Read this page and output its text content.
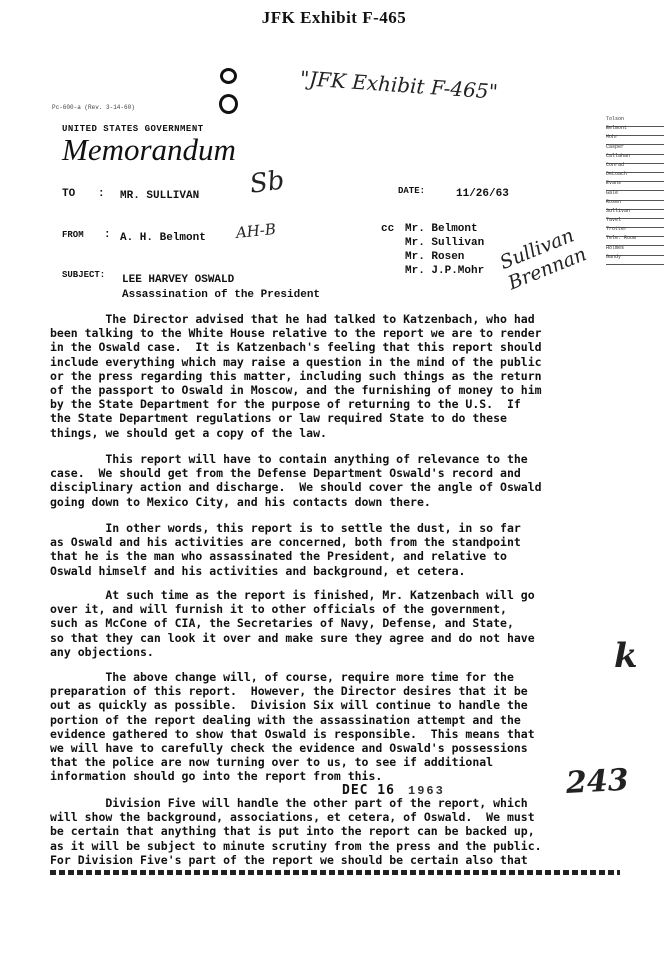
JFK Exhibit F-465
"JFK Exhibit F-465"
Pc-600-a (Rev. 3-14-60)
UNITED STATES GOVERNMENT
Memorandum
Tolson
Belmont
Mohr
Casper
Callahan
Conrad
DeLoach
Evans
Gale
Rosen
Sullivan
Tavel
Trotter
Tele. Room
Holmes
Gandy
TO : MR. SULLIVAN Sb	DATE:	11/26/63
FROM : A. H. Belmont AH-B	cc Mr. Belmont
Mr. Sullivan
Mr. Rosen
Mr. J.P.Mohr Sullivan Brennan
SUBJECT: LEE HARVEY OSWALD
Assassination of the President
The Director advised that he had talked to Katzenbach, who had
been talking to the White House relative to the report we are to render
in the Oswald case.  It is Katzenbach's feeling that this report should
include everything which may raise a question in the mind of the public
or the press regarding this matter, including such things as the return
of the passport to Oswald in Moscow, and the furnishing of money to him
by the State Department for the purpose of returning to the U.S.  If
the State Department regulations or law required State to do these
things, we should get a copy of the law.
This report will have to contain anything of relevance to the
case.  We should get from the Defense Department Oswald's record and
disciplinary action and discharge.  We should cover the angle of Oswald
going down to Mexico City, and his contacts down there.
In other words, this report is to settle the dust, in so far
as Oswald and his activities are concerned, both from the standpoint
that he is the man who assassinated the President, and relative to
Oswald himself and his activities and background, et cetera.
At such time as the report is finished, Mr. Katzenbach will go
over it, and will furnish it to other officials of the government,
such as McCone of CIA, the Secretaries of Navy, Defense, and State,
so that they can look it over and make sure they agree and do not have
any objections.
The above change will, of course, require more time for the
preparation of this report.  However, the Director desires that it be
out as quickly as possible.  Division Six will continue to handle the
portion of the report dealing with the assassination attempt and the
evidence gathered to show that Oswald is responsible.  This means that
we will have to carefully check the evidence and Oswald's possessions
that the police are now turning over to us, to see if additional
information should go into the report from this.
Division Five will handle the other part of the report, which
will show the background, associations, et cetera, of Oswald.  We must
be certain that anything that is put into the report can be backed up,
as it will be subject to minute scrutiny from the press and the public.
For Division Five's part of the report we should be certain also that
k
DEC 16 1963	243
